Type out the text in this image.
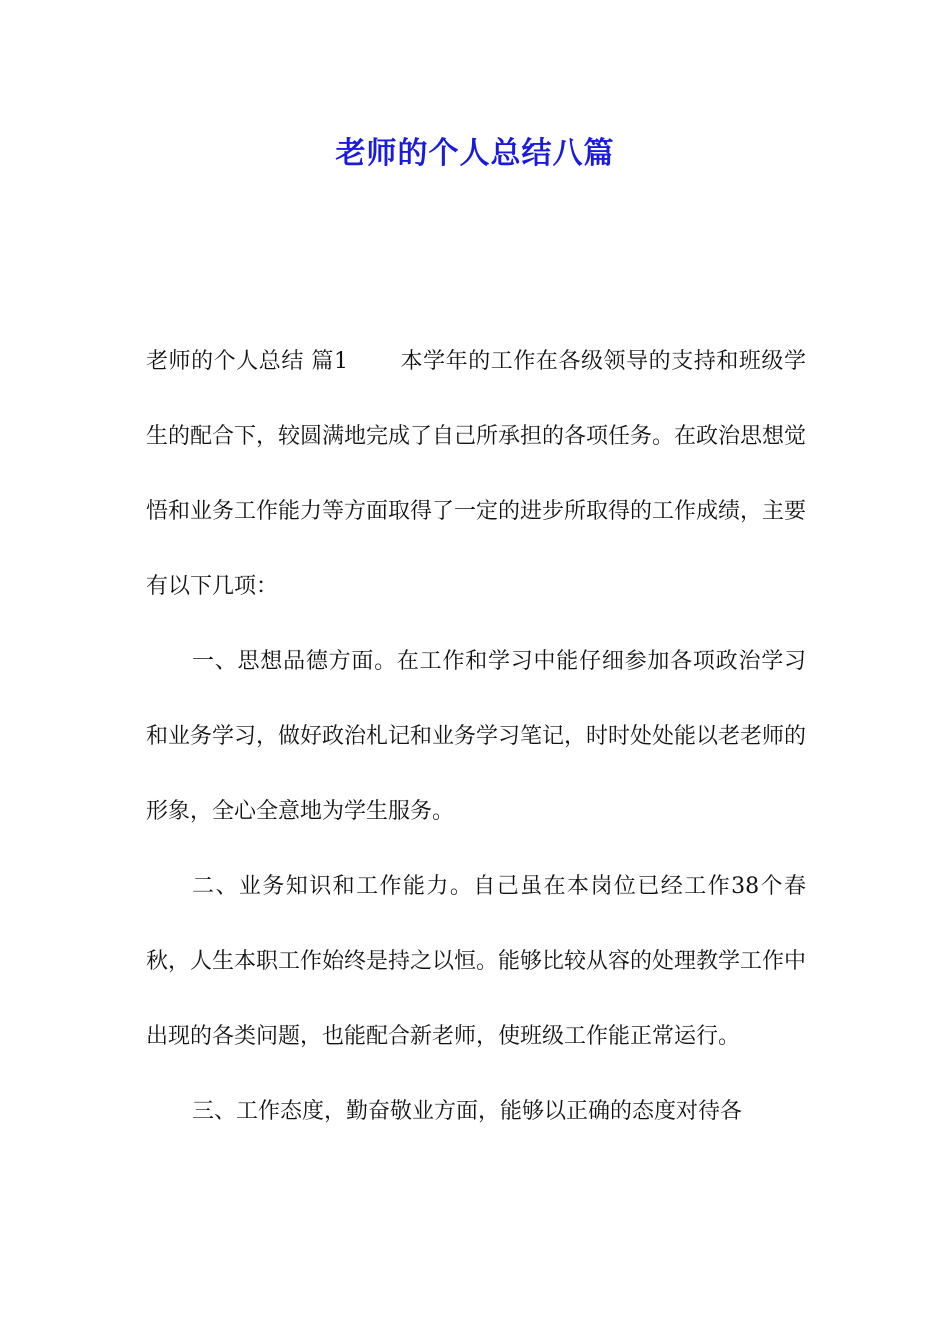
老师的个人总结八篇

老师的个人总结 篇1 本学年的工作在各级领导的支持和班级学生的配合下，较圆满地完成了自己所承担的各项任务。在政治思想觉悟和业务工作能力等方面取得了一定的进步所取得的工作成绩，主要有以下几项：

一、思想品德方面。在工作和学习中能仔细参加各项政治学习和业务学习，做好政治札记和业务学习笔记，时时处处能以老老师的形象，全心全意地为学生服务。

二、业务知识和工作能力。自己虽在本岗位已经工作38个春秋，人生本职工作始终是持之以恒。能够比较从容的处理教学工作中出现的各类问题，也能配合新老师，使班级工作能正常运行。

三、工作态度，勤奋敬业方面，能够以正确的态度对待各
